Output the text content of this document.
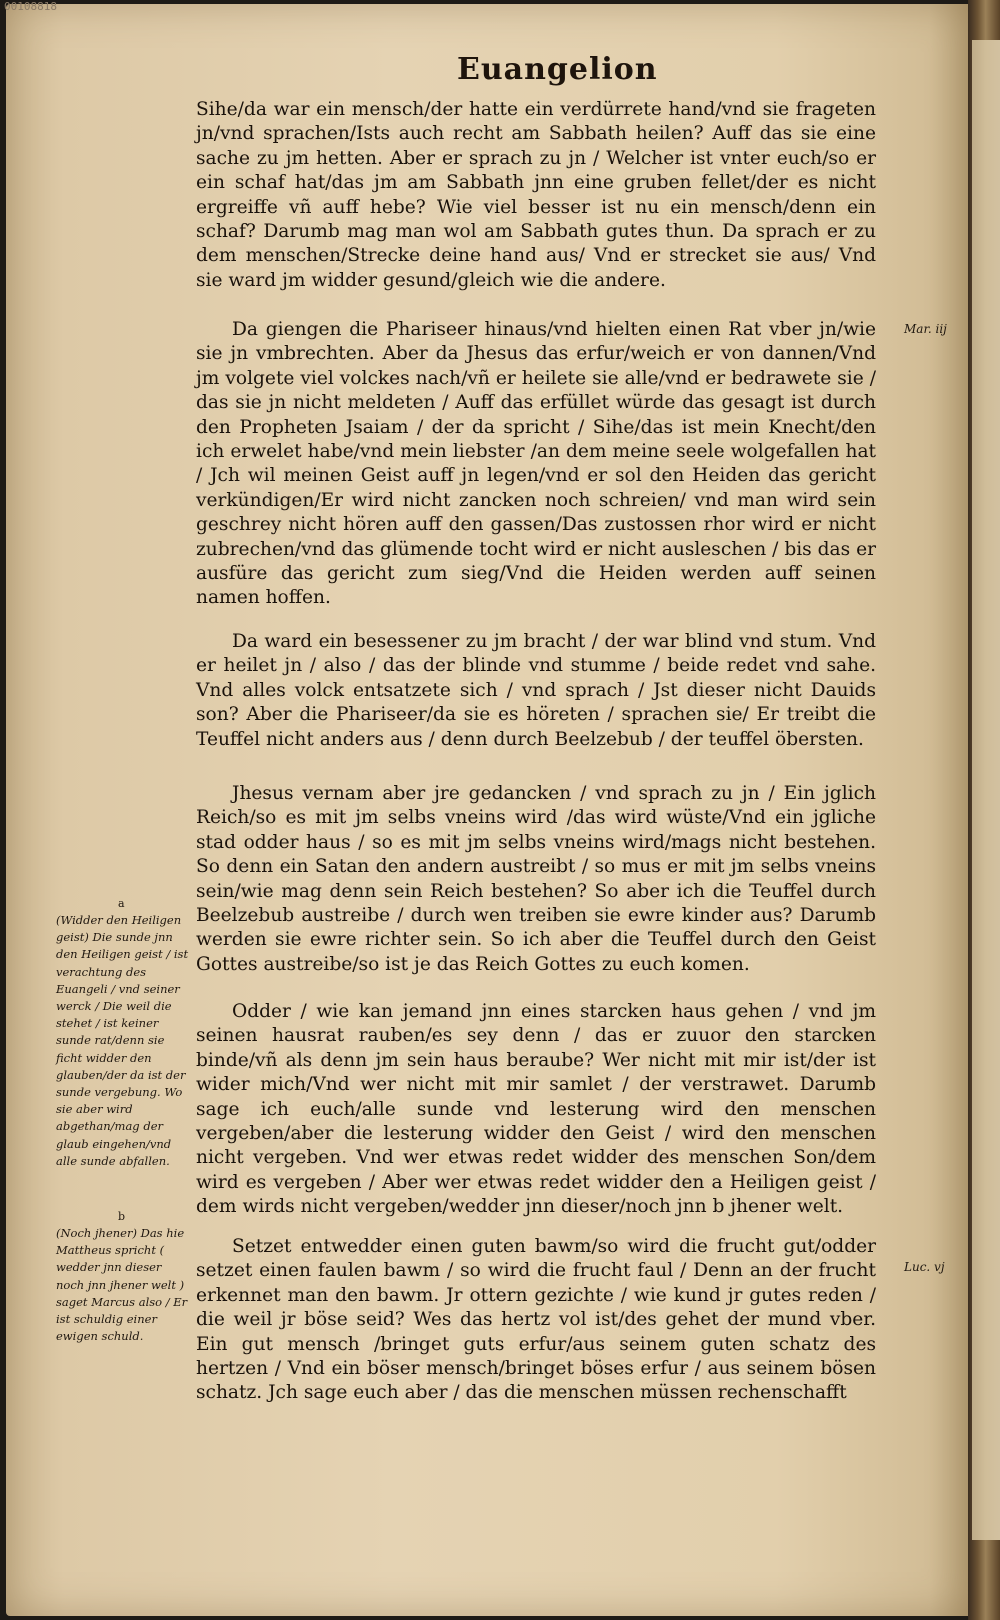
00108818
Euangelion

Sihe/da war ein mensch/der hatte ein verdürrete hand/vnd sie frageten jn/vnd sprachen/Ists auch recht am Sabbath heilen? Auff das sie eine sache zu jm hetten. Aber er sprach zu jn / Welcher ist vnter euch/so er ein schaf hat/das jm am Sabbath jnn eine gruben fellet/der es nicht ergreiffe vñ auff hebe? Wie viel besser ist nu ein mensch/denn ein schaf? Darumb mag man wol am Sabbath gutes thun. Da sprach er zu dem menschen/Strecke deine hand aus/ Vnd er strecket sie aus/ Vnd sie ward jm widder gesund/gleich wie die andere.

Da giengen die Phariseer hinaus/vnd hielten einen Rat vber jn/wie sie jn vmbrechten. Aber da Jhesus das erfur/weich er von dannen/Vnd jm volgete viel volckes nach/vñ er heilete sie alle/vnd er bedrawete sie / das sie jn nicht meldeten / Auff das erfüllet würde das gesagt ist durch den Propheten Jsaiam / der da spricht / Sihe/das ist mein Knecht/den ich erwelet habe/vnd mein liebster /an dem meine seele wolgefallen hat / Jch wil meinen Geist auff jn legen/vnd er sol den Heiden das gericht verkündigen/Er wird nicht zancken noch schreien/ vnd man wird sein geschrey nicht hören auff den gassen/Das zustossen rhor wird er nicht zubrechen/vnd das glümende tocht wird er nicht ausleschen / bis das er ausfüre das gericht zum sieg/Vnd die Heiden werden auff seinen namen hoffen.

Da ward ein besessener zu jm bracht / der war blind vnd stum. Vnd er heilet jn / also / das der blinde vnd stumme / beide redet vnd sahe. Vnd alles volck entsatzete sich / vnd sprach / Jst dieser nicht Dauids son? Aber die Phariseer/da sie es höreten / sprachen sie/ Er treibt die Teuffel nicht anders aus / denn durch Beelzebub / der teuffel öbersten.

Jhesus vernam aber jre gedancken / vnd sprach zu jn / Ein jglich Reich/so es mit jm selbs vneins wird /das wird wüste/Vnd ein jgliche stad odder haus / so es mit jm selbs vneins wird/mags nicht bestehen. So denn ein Satan den andern austreibt / so mus er mit jm selbs vneins sein/wie mag denn sein Reich bestehen? So aber ich die Teuffel durch Beelzebub austreibe / durch wen treiben sie ewre kinder aus? Darumb werden sie ewre richter sein. So ich aber die Teuffel durch den Geist Gottes austreibe/so ist je das Reich Gottes zu euch komen.

Odder / wie kan jemand jnn eines starcken haus gehen / vnd jm seinen hausrat rauben/es sey denn / das er zuuor den starcken binde/vñ als denn jm sein haus beraube? Wer nicht mit mir ist/der ist wider mich/Vnd wer nicht mit mir samlet / der verstrawet. Darumb sage ich euch/alle sunde vnd lesterung wird den menschen vergeben/aber die lesterung widder den Geist / wird den menschen nicht vergeben. Vnd wer etwas redet widder des menschen Son/dem wird es vergeben / Aber wer etwas redet widder den a Heiligen geist / dem wirds nicht vergeben/wedder jnn dieser/noch jnn b jhener welt.

Setzet entwedder einen guten bawm/so wird die frucht gut/odder setzet einen faulen bawm / so wird die frucht faul / Denn an der frucht erkennet man den bawm. Jr ottern gezichte / wie kund jr gutes reden / die weil jr böse seid? Wes das hertz vol ist/des gehet der mund vber. Ein gut mensch /bringet guts erfur/aus seinem guten schatz des hertzen / Vnd ein böser mensch/bringet böses erfur / aus seinem bösen schatz. Jch sage euch aber / das die menschen müssen rechenschafft

a
(Widder den Heiligen geist) Die sunde jnn den Heiligen geist / ist verachtung des Euangeli / vnd seiner werck / Die weil die stehet / ist keiner sunde rat/denn sie ficht widder den glauben/der da ist der sunde vergebung. Wo sie aber wird abgethan/mag der glaub eingehen/vnd alle sunde abfallen.
b
(Noch jhener) Das hie Mattheus spricht ( wedder jnn dieser noch jnn jhener welt ) saget Marcus also / Er ist schuldig einer ewigen schuld.
Mar. iij
Luc. vj
